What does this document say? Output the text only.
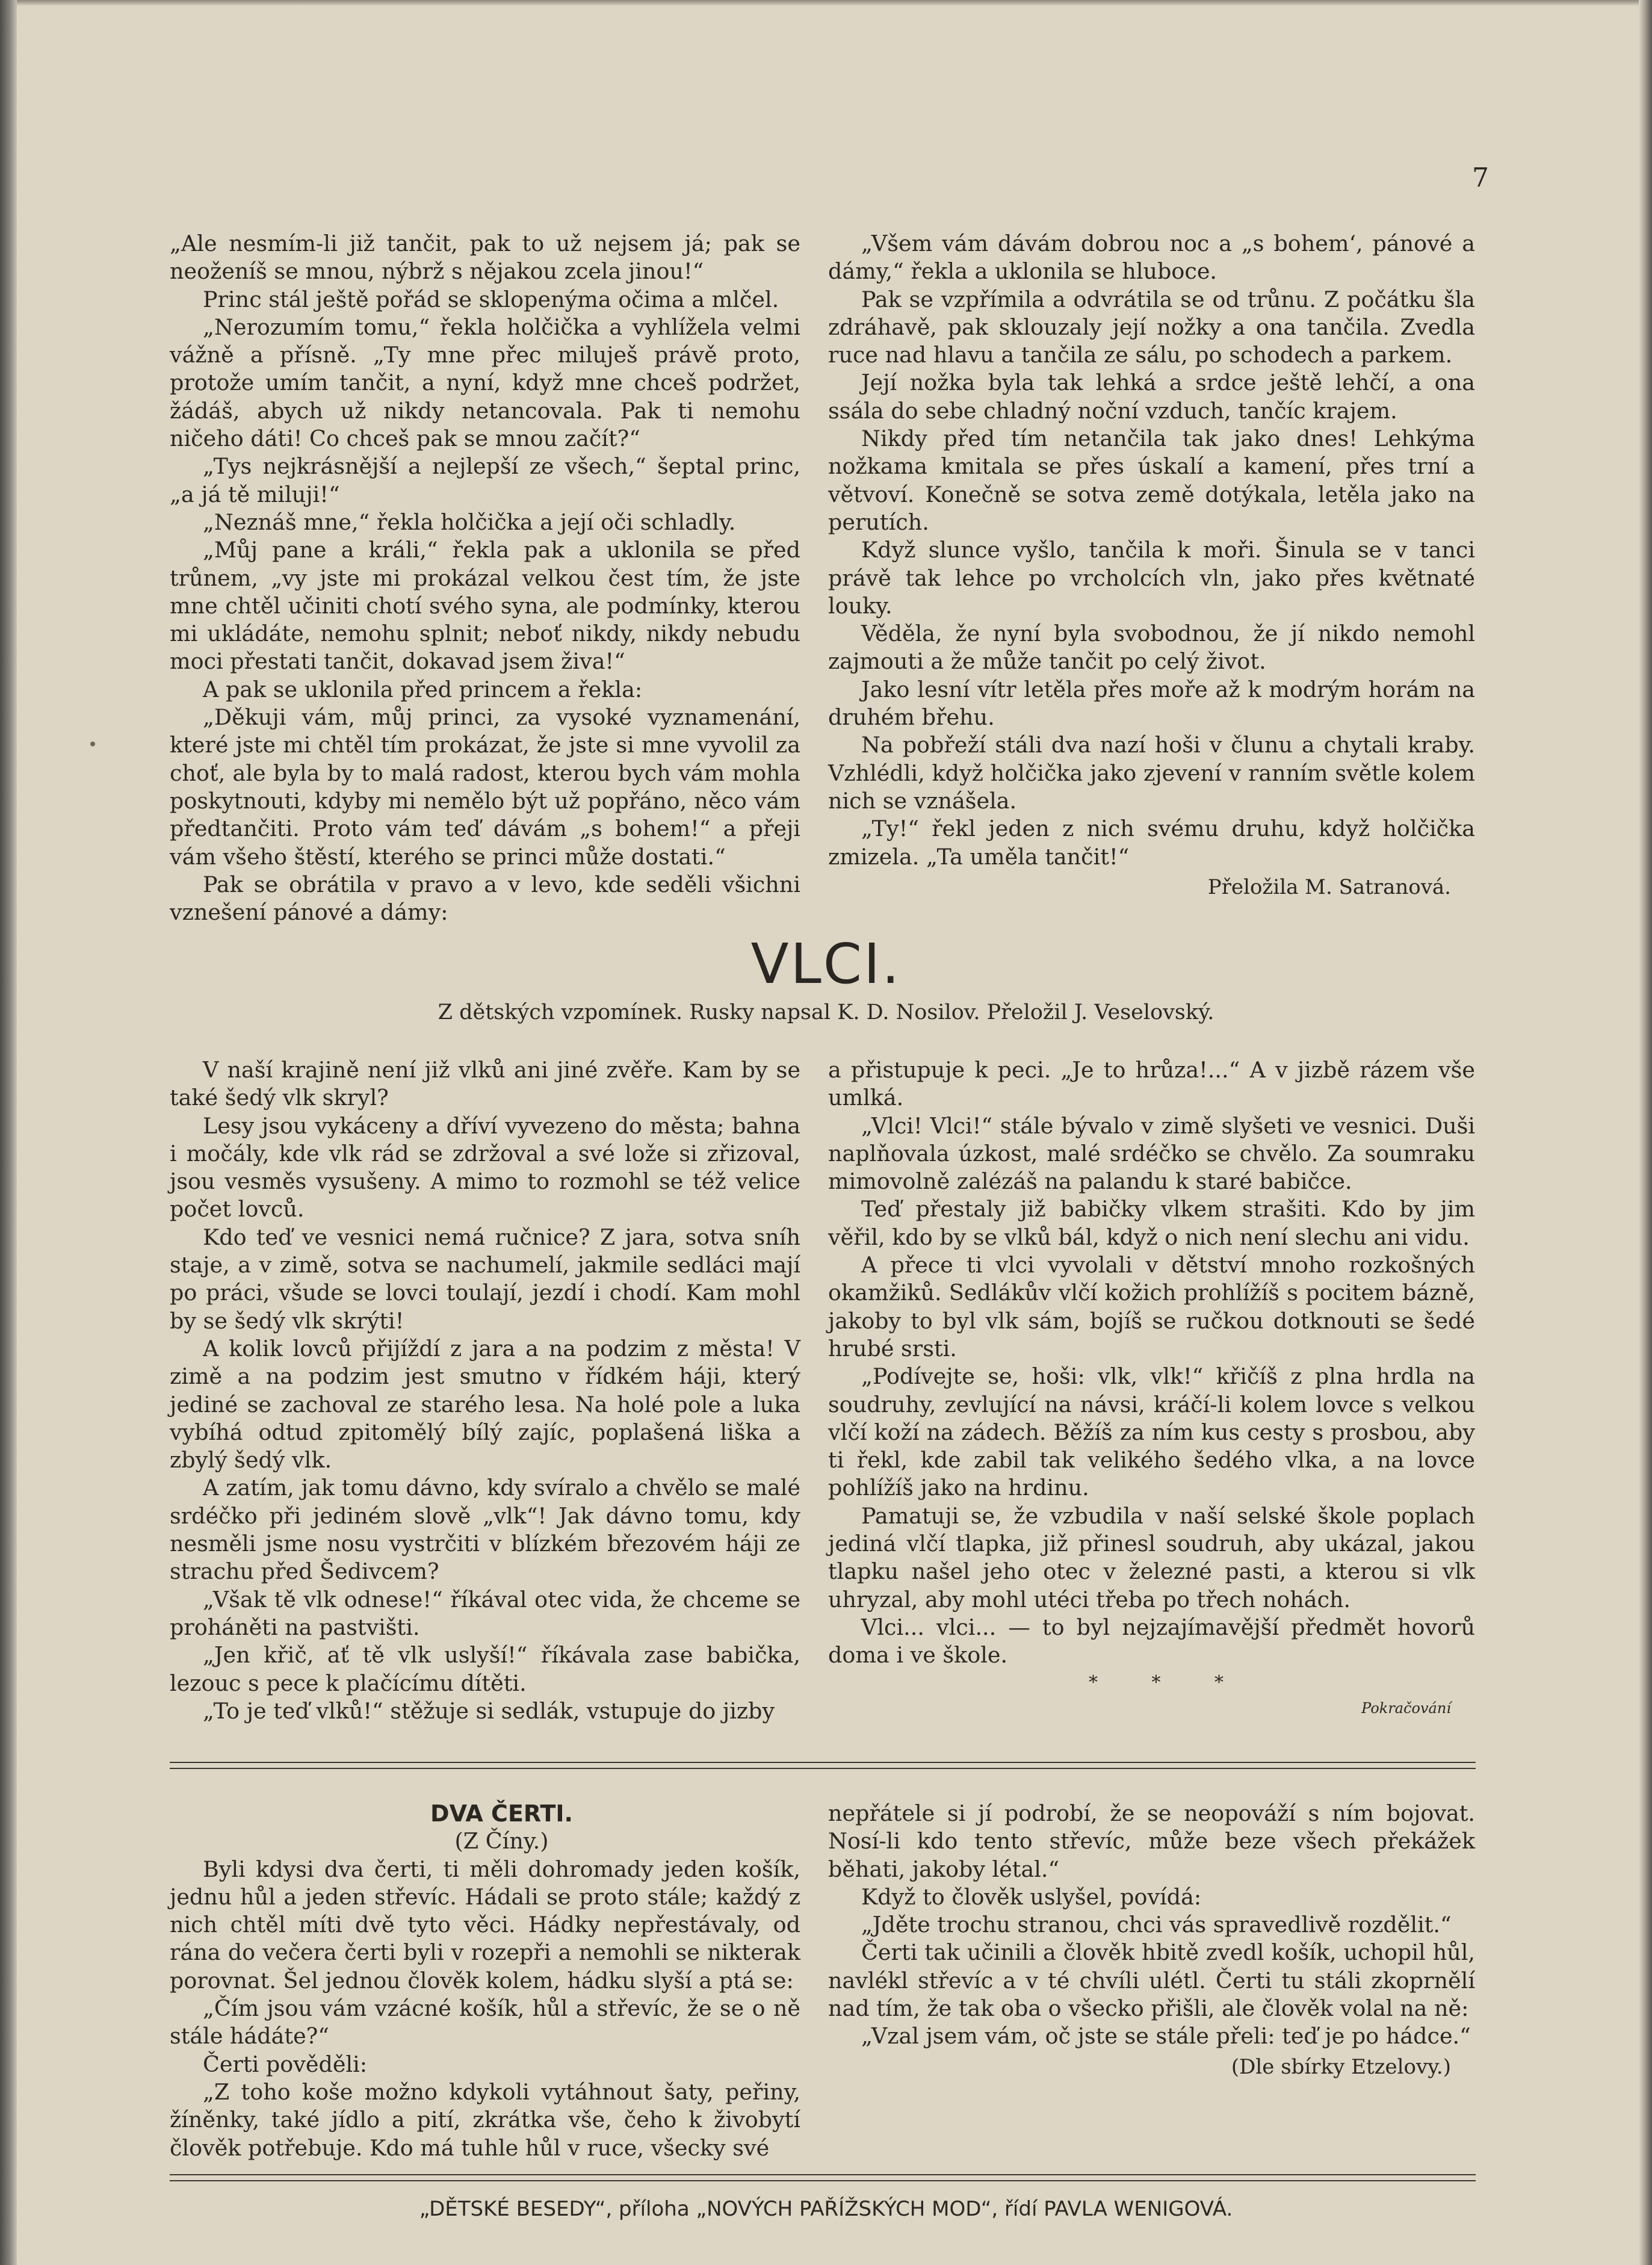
7

„Ale nesmím-li již tančit, pak to už nejsem já; pak se neoženíš se mnou, nýbrž s nějakou zcela jinou!“

Princ stál ještě pořád se sklopenýma očima a mlčel.

„Nerozumím tomu,“ řekla holčička a vyhlížela velmi vážně a přísně. „Ty mne přec miluješ právě proto, protože umím tančit, a nyní, když mne chceš podržet, žádáš, abych už nikdy netancovala. Pak ti nemohu ničeho dáti! Co chceš pak se mnou začít?“

„Tys nejkrásnější a nejlepší ze všech,“ šeptal princ, „a já tě miluji!“

„Neznáš mne,“ řekla holčička a její oči schladly.

„Můj pane a králi,“ řekla pak a uklonila se před trůnem, „vy jste mi prokázal velkou čest tím, že jste mne chtěl učiniti chotí svého syna, ale podmínky, kterou mi ukládáte, nemohu splnit; neboť nikdy, nikdy nebudu moci přestati tančit, dokavad jsem živa!“

A pak se uklonila před princem a řekla:

„Děkuji vám, můj princi, za vysoké vyznamenání, které jste mi chtěl tím prokázat, že jste si mne vyvolil za choť, ale byla by to malá radost, kterou bych vám mohla poskytnouti, kdyby mi nemělo být už popřáno, něco vám předtančiti. Proto vám teď dávám „s bohem!“ a přeji vám všeho štěstí, kterého se princi může dostati.“

Pak se obrátila v pravo a v levo, kde seděli všichni vznešení pánové a dámy:

„Všem vám dávám dobrou noc a „s bohem‘, pánové a dámy,“ řekla a uklonila se hluboce.

Pak se vzpřímila a odvrátila se od trůnu. Z počátku šla zdráhavě, pak sklouzaly její nožky a ona tančila. Zvedla ruce nad hlavu a tančila ze sálu, po schodech a parkem.

Její nožka byla tak lehká a srdce ještě lehčí, a ona ssála do sebe chladný noční vzduch, tančíc krajem.

Nikdy před tím netančila tak jako dnes! Lehkýma nožkama kmitala se přes úskalí a kamení, přes trní a větvoví. Konečně se sotva země dotýkala, letěla jako na perutích.

Když slunce vyšlo, tančila k moři. Šinula se v tanci právě tak lehce po vrcholcích vln, jako přes květnaté louky.

Věděla, že nyní byla svobodnou, že jí nikdo nemohl zajmouti a že může tančit po celý život.

Jako lesní vítr letěla přes moře až k modrým horám na druhém břehu.

Na pobřeží stáli dva nazí hoši v člunu a chytali kraby. Vzhlédli, když holčička jako zjevení v ranním světle kolem nich se vznášela.

„Ty!“ řekl jeden z nich svému druhu, když holčička zmizela. „Ta uměla tančit!“

Přeložila M. Satranová.

VLCI.
Z dětských vzpomínek. Rusky napsal K. D. Nosilov. Přeložil J. Veselovský.

V naší krajině není již vlků ani jiné zvěře. Kam by se také šedý vlk skryl?

Lesy jsou vykáceny a dříví vyvezeno do města; bahna i močály, kde vlk rád se zdržoval a své lože si zřizoval, jsou vesměs vysušeny. A mimo to rozmohl se též velice počet lovců.

Kdo teď ve vesnici nemá ručnice? Z jara, sotva sníh staje, a v zimě, sotva se nachumelí, jakmile sedláci mají po práci, všude se lovci toulají, jezdí i chodí. Kam mohl by se šedý vlk skrýti!

A kolik lovců přijíždí z jara a na podzim z města! V zimě a na podzim jest smutno v řídkém háji, který jediné se zachoval ze starého lesa. Na holé pole a luka vybíhá odtud zpitomělý bílý zajíc, poplašená liška a zbylý šedý vlk.

A zatím, jak tomu dávno, kdy svíralo a chvělo se malé srdéčko při jediném slově „vlk“! Jak dávno tomu, kdy nesměli jsme nosu vystrčiti v blízkém březovém háji ze strachu před Šedivcem?

„Však tě vlk odnese!“ říkával otec vida, že chceme se proháněti na pastvišti.

„Jen křič, ať tě vlk uslyší!“ říkávala zase babička, lezouc s pece k plačícímu dítěti.

„To je teď vlků!“ stěžuje si sedlák, vstupuje do jizby

a přistupuje k peci. „Je to hrůza!...“ A v jizbě rázem vše umlká.

„Vlci! Vlci!“ stále bývalo v zimě slyšeti ve vesnici. Duši naplňovala úzkost, malé srdéčko se chvělo. Za soumraku mimovolně zalézáš na palandu k staré babičce.

Teď přestaly již babičky vlkem strašiti. Kdo by jim věřil, kdo by se vlků bál, když o nich není slechu ani vidu.

A přece ti vlci vyvolali v dětství mnoho rozkošných okamžiků. Sedlákův vlčí kožich prohlížíš s pocitem bázně, jakoby to byl vlk sám, bojíš se ručkou dotknouti se šedé hrubé srsti.

„Podívejte se, hoši: vlk, vlk!“ křičíš z plna hrdla na soudruhy, zevlující na návsi, kráčí-li kolem lovce s velkou vlčí koží na zádech. Běžíš za ním kus cesty s prosbou, aby ti řekl, kde zabil tak velikého šedého vlka, a na lovce pohlížíš jako na hrdinu.

Pamatuji se, že vzbudila v naší selské škole poplach jediná vlčí tlapka, již přinesl soudruh, aby ukázal, jakou tlapku našel jeho otec v železné pasti, a kterou si vlk uhryzal, aby mohl utéci třeba po třech nohách.

Vlci... vlci... — to byl nejzajímavější předmět hovorů doma i ve škole.

* * *

Pokračování

DVA ČERTI.

(Z Číny.)

Byli kdysi dva čerti, ti měli dohromady jeden košík, jednu hůl a jeden střevíc. Hádali se proto stále; každý z nich chtěl míti dvě tyto věci. Hádky nepřestávaly, od rána do večera čerti byli v rozepři a nemohli se nikterak porovnat. Šel jednou člověk kolem, hádku slyší a ptá se:

„Čím jsou vám vzácné košík, hůl a střevíc, že se o ně stále hádáte?“

Čerti pověděli:

„Z toho koše možno kdykoli vytáhnout šaty, peřiny, žíněnky, také jídlo a pití, zkrátka vše, čeho k živobytí člověk potřebuje. Kdo má tuhle hůl v ruce, všecky své

nepřátele si jí podrobí, že se neopováží s ním bojovat. Nosí-li kdo tento střevíc, může beze všech překážek běhati, jakoby létal.“

Když to člověk uslyšel, povídá:

„Jděte trochu stranou, chci vás spravedlivě rozdělit.“

Čerti tak učinili a člověk hbitě zvedl košík, uchopil hůl, navlékl střevíc a v té chvíli ulétl. Čerti tu stáli zkoprnělí nad tím, že tak oba o všecko přišli, ale člověk volal na ně:

„Vzal jsem vám, oč jste se stále přeli: teď je po hádce.“

(Dle sbírky Etzelovy.)

„DĚTSKÉ BESEDY“, příloha „NOVÝCH PAŘÍŽSKÝCH MOD“, řídí PAVLA WENIGOVÁ.
